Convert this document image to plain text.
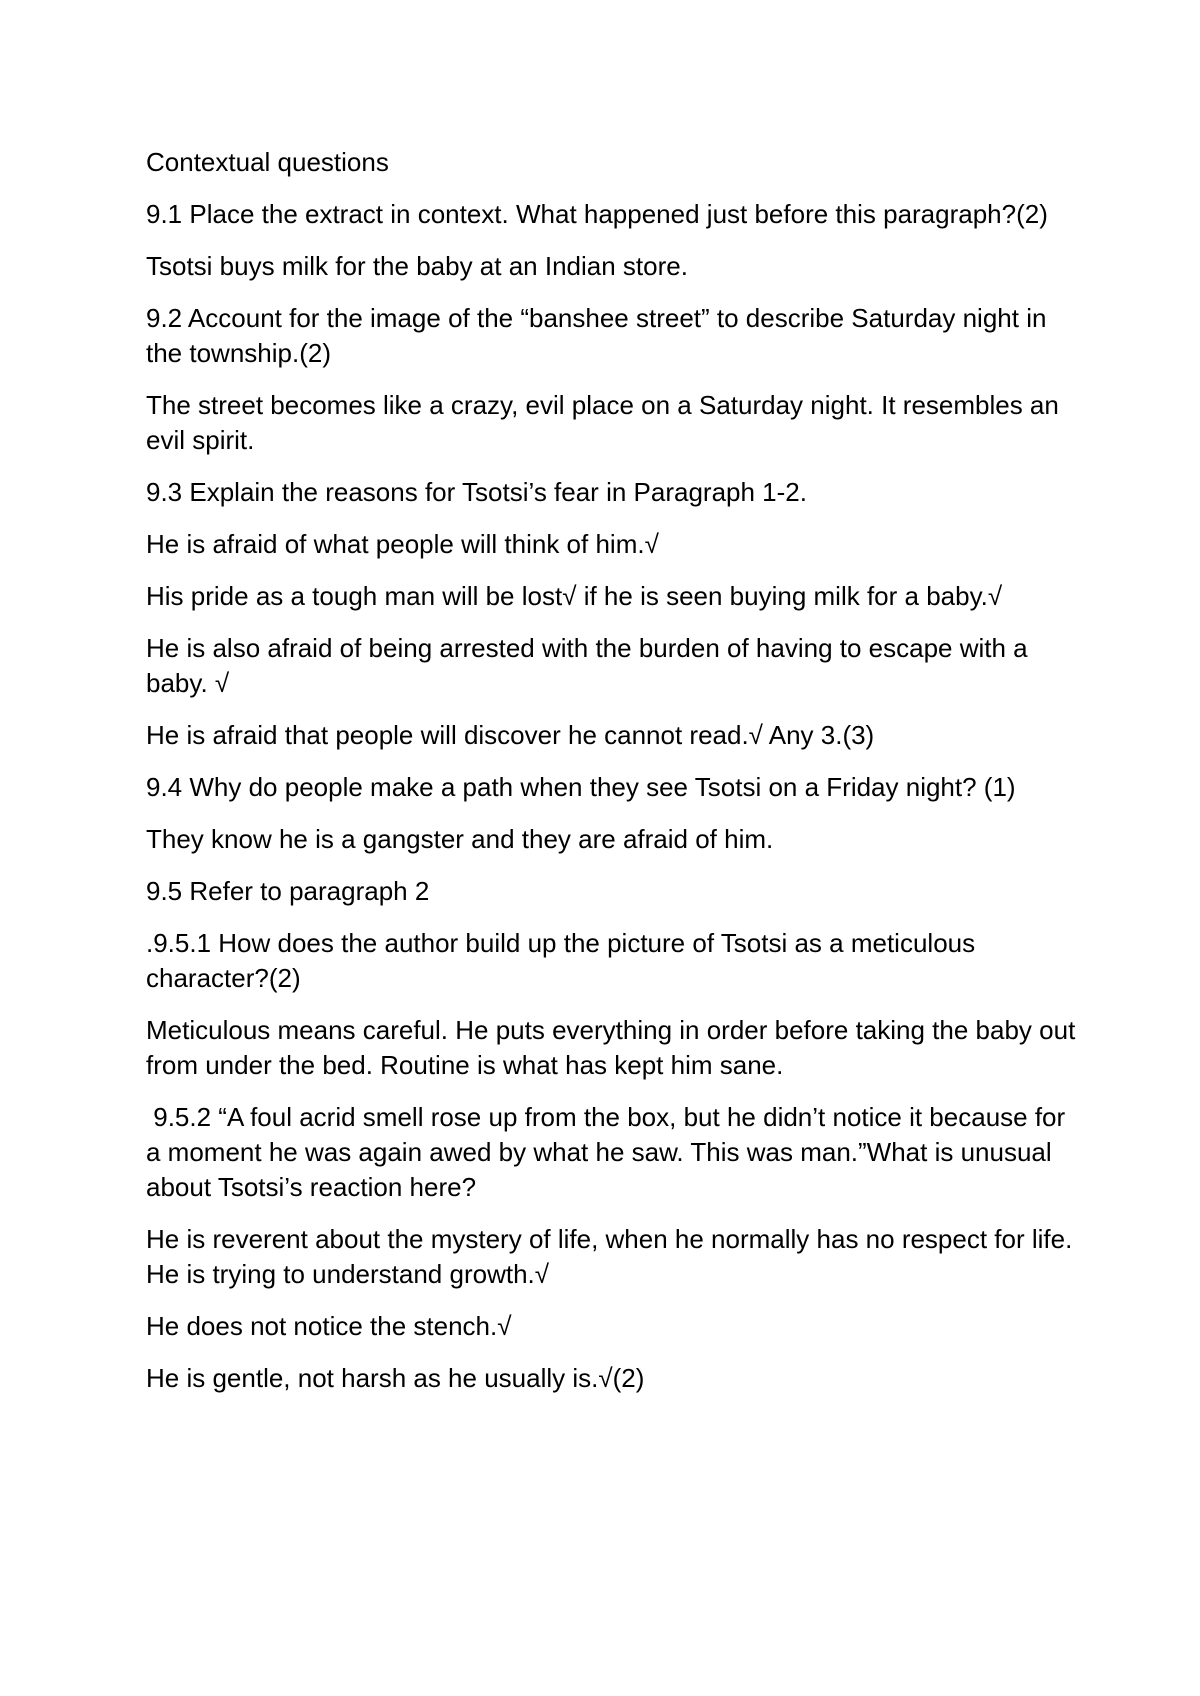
Contextual questions

9.1 Place the extract in context. What happened just before this paragraph?(2)

Tsotsi buys milk for the baby at an Indian store.

9.2 Account for the image of the “banshee street” to describe Saturday night in the township.(2)

The street becomes like a crazy, evil place on a Saturday night. It resembles an evil spirit.

9.3 Explain the reasons for Tsotsi’s fear in Paragraph 1-2.

He is afraid of what people will think of him.√

His pride as a tough man will be lost√ if he is seen buying milk for a baby.√

He is also afraid of being arrested with the burden of having to escape with a baby. √

He is afraid that people will discover he cannot read.√ Any 3.(3)

9.4 Why do people make a path when they see Tsotsi on a Friday night? (1)

They know he is a gangster and they are afraid of him.

9.5 Refer to paragraph 2

.9.5.1 How does the author build up the picture of Tsotsi as a meticulous character?(2)

Meticulous means careful. He puts everything in order before taking the baby out from under the bed. Routine is what has kept him sane.

9.5.2 “A foul acrid smell rose up from the box, but he didn’t notice it because for a moment he was again awed by what he saw. This was man.”What is unusual about Tsotsi’s reaction here?

He is reverent about the mystery of life, when he normally has no respect for life. He is trying to understand growth.√

He does not notice the stench.√

He is gentle, not harsh as he usually is.√(2)
